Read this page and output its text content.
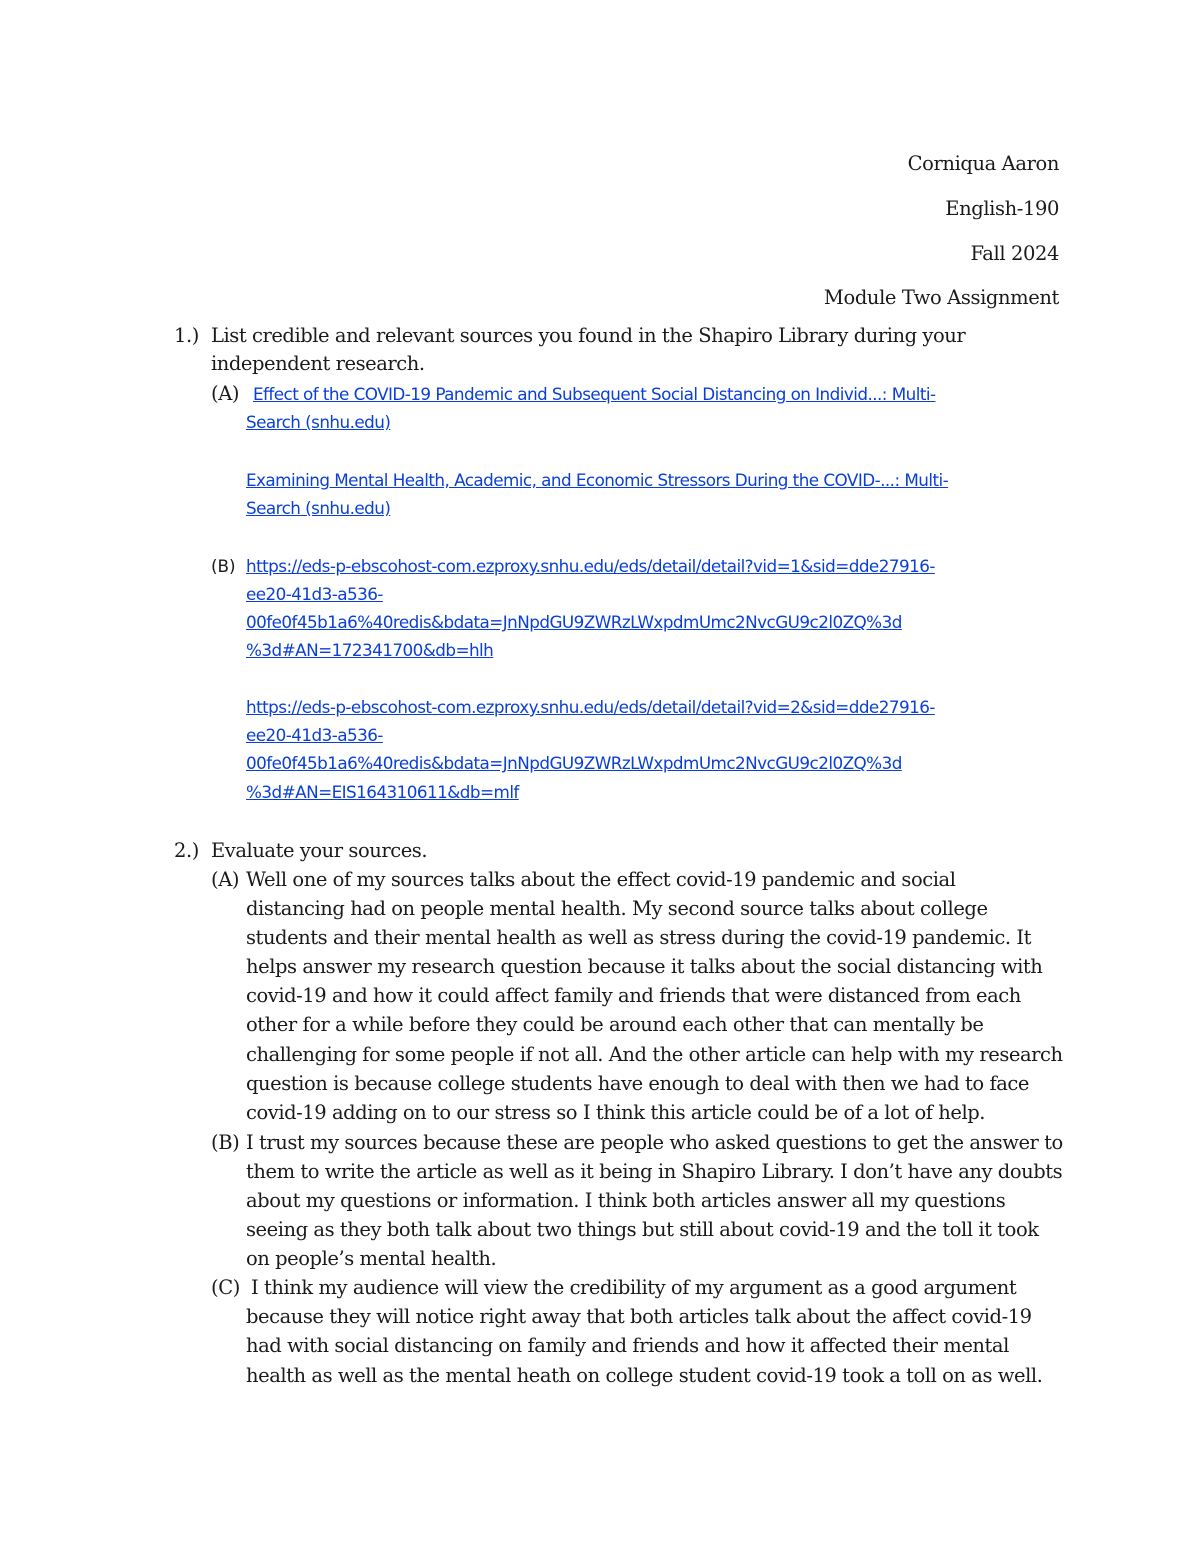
Corniqua Aaron
English-190
Fall 2024
Module Two Assignment
1.) List credible and relevant sources you found in the Shapiro Library during your
independent research.
(A) Effect of the COVID-19 Pandemic and Subsequent Social Distancing on Individ...: Multi-
Search (snhu.edu)
Examining Mental Health, Academic, and Economic Stressors During the COVID-...: Multi-
Search (snhu.edu)
(B) https://eds-p-ebscohost-com.ezproxy.snhu.edu/eds/detail/detail?vid=1&sid=dde27916-
ee20-41d3-a536-
00fe0f45b1a6%40redis&bdata=JnNpdGU9ZWRzLWxpdmUmc2NvcGU9c2l0ZQ%3d
%3d#AN=172341700&db=hlh
https://eds-p-ebscohost-com.ezproxy.snhu.edu/eds/detail/detail?vid=2&sid=dde27916-
ee20-41d3-a536-
00fe0f45b1a6%40redis&bdata=JnNpdGU9ZWRzLWxpdmUmc2NvcGU9c2l0ZQ%3d
%3d#AN=EIS164310611&db=mlf
2.) Evaluate your sources.
(A) Well one of my sources talks about the effect covid-19 pandemic and social
distancing had on people mental health. My second source talks about college
students and their mental health as well as stress during the covid-19 pandemic. It
helps answer my research question because it talks about the social distancing with
covid-19 and how it could affect family and friends that were distanced from each
other for a while before they could be around each other that can mentally be
challenging for some people if not all. And the other article can help with my research
question is because college students have enough to deal with then we had to face
covid-19 adding on to our stress so I think this article could be of a lot of help.
(B) I trust my sources because these are people who asked questions to get the answer to
them to write the article as well as it being in Shapiro Library. I don’t have any doubts
about my questions or information. I think both articles answer all my questions
seeing as they both talk about two things but still about covid-19 and the toll it took
on people’s mental health.
(C) I think my audience will view the credibility of my argument as a good argument
because they will notice right away that both articles talk about the affect covid-19
had with social distancing on family and friends and how it affected their mental
health as well as the mental heath on college student covid-19 took a toll on as well.
